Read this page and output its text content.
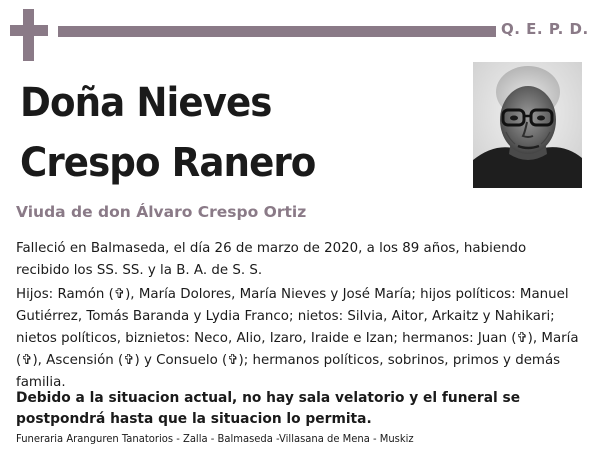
Q. E. P. D.
Doña Nieves
Crespo Ranero
Viuda de don Álvaro Crespo Ortiz
Falleció en Balmaseda, el día 26 de marzo de 2020, a los 89 años, habiendo recibido los SS. SS. y la B. A. de S. S.
Hijos: Ramón (✞), María Dolores, María Nieves y José María; hijos políticos: Manuel Gutiérrez, Tomás Baranda y Lydia Franco; nietos: Silvia, Aitor, Arkaitz y Nahikari; nietos políticos, biznietos: Neco, Alio, Izaro, Iraide e Izan; hermanos: Juan (✞), María (✞), Ascensión (✞) y Consuelo (✞); hermanos políticos, sobrinos, primos y demás familia.
Debido a la situacion actual, no hay sala velatorio y el funeral se postpondrá hasta que la situacion lo permita.
Funeraria Aranguren Tanatorios - Zalla - Balmaseda -Villasana de Mena - Muskiz
